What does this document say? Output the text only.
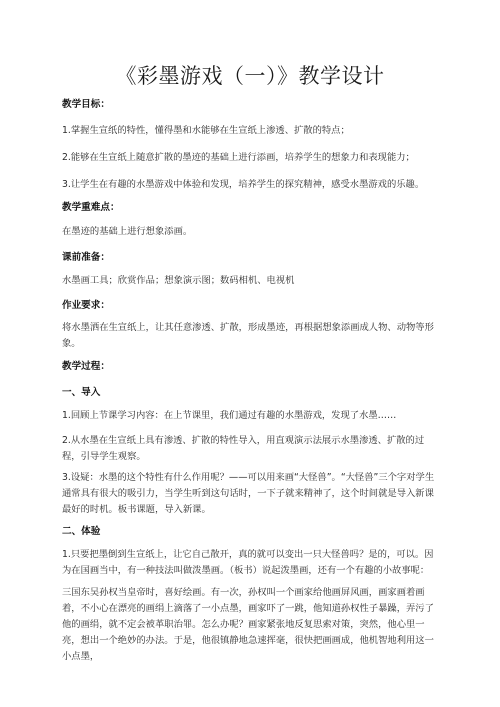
《彩墨游戏（一）》教学设计
教学目标：
1.掌握生宣纸的特性，懂得墨和水能够在生宣纸上渗透、扩散的特点；
2.能够在生宣纸上随意扩散的墨迹的基础上进行添画，培养学生的想象力和表现能力；
3.让学生在有趣的水墨游戏中体验和发现，培养学生的探究精神，感受水墨游戏的乐趣。
教学重难点：
在墨迹的基础上进行想象添画。
课前准备：
水墨画工具；欣赏作品；想象演示图；数码相机、电视机
作业要求：
将水墨洒在生宣纸上，让其任意渗透、扩散，形成墨迹，再根据想象添画成人物、动物等形象。
教学过程：
一、导入
1.回顾上节课学习内容：在上节课里，我们通过有趣的水墨游戏，发现了水墨……
2.从水墨在生宣纸上具有渗透、扩散的特性导入，用直观演示法展示水墨渗透、扩散的过程，引导学生观察。
3.设疑：水墨的这个特性有什么作用呢？——可以用来画“大怪兽”。“大怪兽”三个字对学生通常具有很大的吸引力，当学生听到这句话时，一下子就来精神了，这个时间就是导入新课最好的时机。板书课题，导入新课。
二、体验
1.只要把墨倒到生宣纸上，让它自己散开，真的就可以变出一只大怪兽吗？是的，可以。因为在国画当中，有一种技法叫做泼墨画。（板书）说起泼墨画，还有一个有趣的小故事呢：
三国东吴孙权当皇帝时，喜好绘画。有一次，孙权叫一个画家给他画屏风画，画家画着画着，不小心在漂亮的画绢上滴落了一小点墨，画家吓了一跳，他知道孙权性子暴躁，弄污了他的画绢，就不定会被革职治罪。怎么办呢？画家紧张地反复思索对策，突然，他心里一亮，想出一个绝妙的办法。于是，他很镇静地急速挥毫，很快把画画成，他机智地利用这一小点墨，
